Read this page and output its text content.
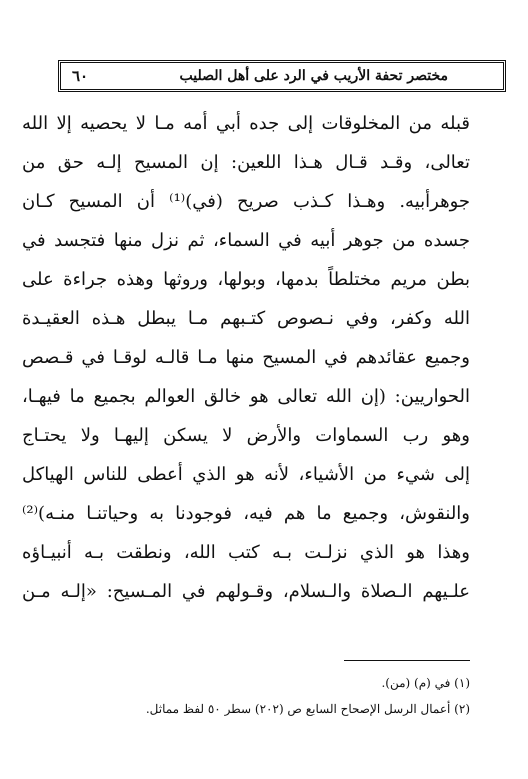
مختصر تحفة الأريب في الرد على أهل الصليب
٦٠
قبله من المخلوقات إلى جده أبي أمه مـا لا يحصيه إلا الله
تعالى، وقـد قـال هـذا اللعين: إن المسيح إلـه حق من
جوهرأبيه. وهـذا كـذب صريح (في)⁽¹⁾ أن المسيح كـان
جسده من جوهر أبيه في السماء، ثم نزل منها فتجسد في
بطن مريم مختلطاً بدمها، وبولها، وروثها وهذه جراءة على
الله وكفر، وفي نـصوص كتـبهم مـا يبطل هـذه العقيـدة
وجميع عقائدهم في المسيح منها مـا قالـه لوقـا في قـصص
الحواريين: (إن الله تعالى هو خالق العوالم بجميع ما فيهـا،
وهو رب السماوات والأرض لا يسكن إليهـا ولا يحتـاج
إلى شيء من الأشياء، لأنه هو الذي أعطى للناس الهياكل
والنقوش، وجميع ما هم فيه، فوجودنا به وحياتنـا منـه)⁽²⁾
وهذا هو الذي نزلـت بـه كتب الله، ونطقت بـه أنبيـاؤه
علـيهم الـصلاة والـسلام، وقـولهم في المـسيح: «إلـه مـن
(١) في (م) (من).
(٢) أعمال الرسل الإصحاح السابع ص (٢٠٢) سطر ٥٠ لفظ مماثل.
